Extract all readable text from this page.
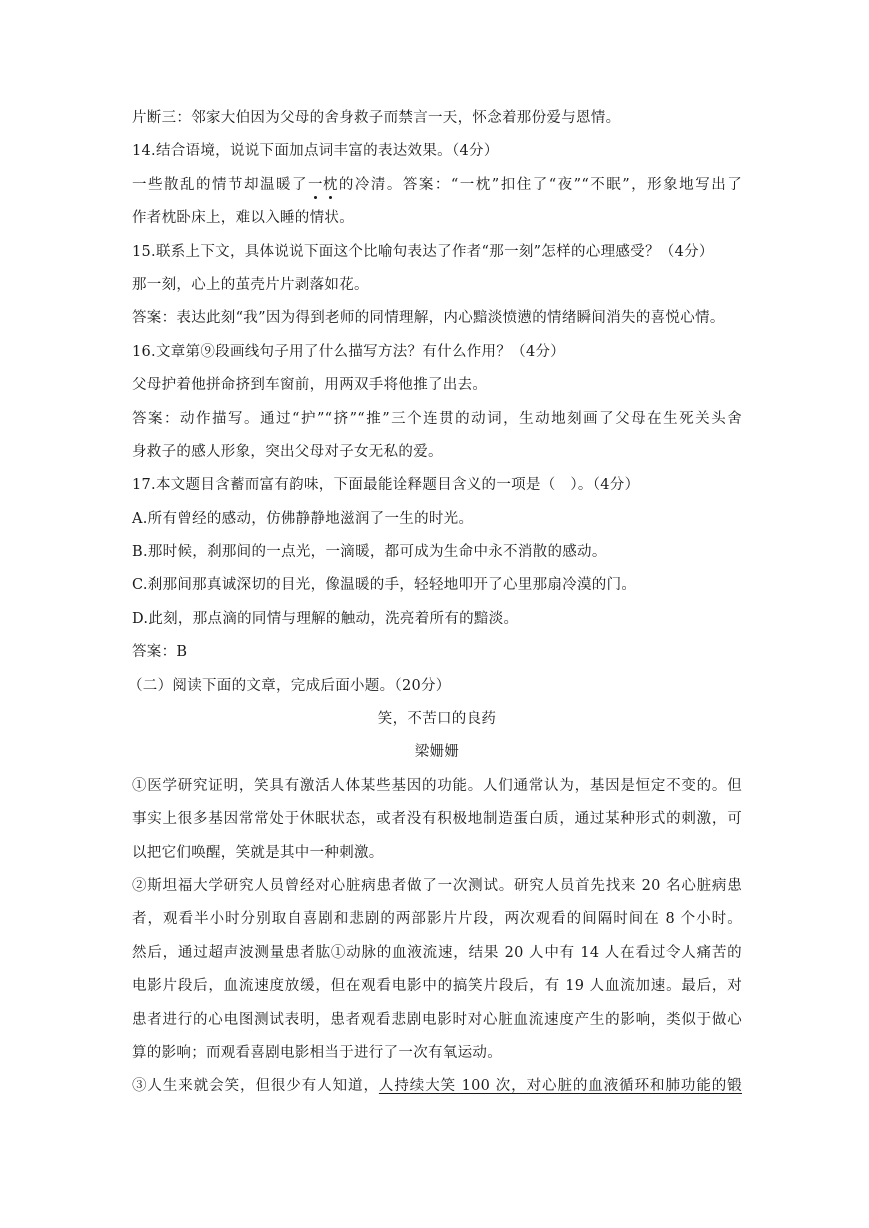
片断三：邻家大伯因为父母的舍身救子而禁言一天，怀念着那份爱与恩情。
14.结合语境，说说下面加点词丰富的表达效果。（4分）
一些散乱的情节却温暖了一枕的冷清。答案：“一枕”扣住了“夜”“不眠”，形象地写出了
作者枕卧床上，难以入睡的情状。
15.联系上下文，具体说说下面这个比喻句表达了作者“那一刻”怎样的心理感受？（4分）
那一刻，心上的茧壳片片剥落如花。
答案：表达此刻“我”因为得到老师的同情理解，内心黯淡愤懑的情绪瞬间消失的喜悦心情。
16.文章第⑨段画线句子用了什么描写方法？有什么作用？（4分）
父母护着他拼命挤到车窗前，用两双手将他推了出去。
答案：动作描写。通过“护”“挤”“推”三个连贯的动词，生动地刻画了父母在生死关头舍
身救子的感人形象，突出父母对子女无私的爱。
17.本文题目含蓄而富有韵味，下面最能诠释题目含义的一项是（　）。（4分）
A.所有曾经的感动，仿佛静静地滋润了一生的时光。
B.那时候，刹那间的一点光，一滴暖，都可成为生命中永不消散的感动。
C.刹那间那真诚深切的目光，像温暖的手，轻轻地叩开了心里那扇冷漠的门。
D.此刻，那点滴的同情与理解的触动，洗亮着所有的黯淡。
答案：B
（二）阅读下面的文章，完成后面小题。（20分）
笑，不苦口的良药
梁姗姗
①医学研究证明，笑具有激活人体某些基因的功能。人们通常认为，基因是恒定不变的。但
事实上很多基因常常处于休眠状态，或者没有积极地制造蛋白质，通过某种形式的刺激，可
以把它们唤醒，笑就是其中一种刺激。
②斯坦福大学研究人员曾经对心脏病患者做了一次测试。研究人员首先找来 20 名心脏病患
者，观看半小时分别取自喜剧和悲剧的两部影片片段，两次观看的间隔时间在 8 个小时。
然后，通过超声波测量患者肱①动脉的血液流速，结果 20 人中有 14 人在看过令人痛苦的
电影片段后，血流速度放缓，但在观看电影中的搞笑片段后，有 19 人血流加速。最后，对
患者进行的心电图测试表明，患者观看悲剧电影时对心脏血流速度产生的影响，类似于做心
算的影响；而观看喜剧电影相当于进行了一次有氧运动。
③人生来就会笑，但很少有人知道，人持续大笑 100 次，对心脏的血液循环和肺功能的锻
